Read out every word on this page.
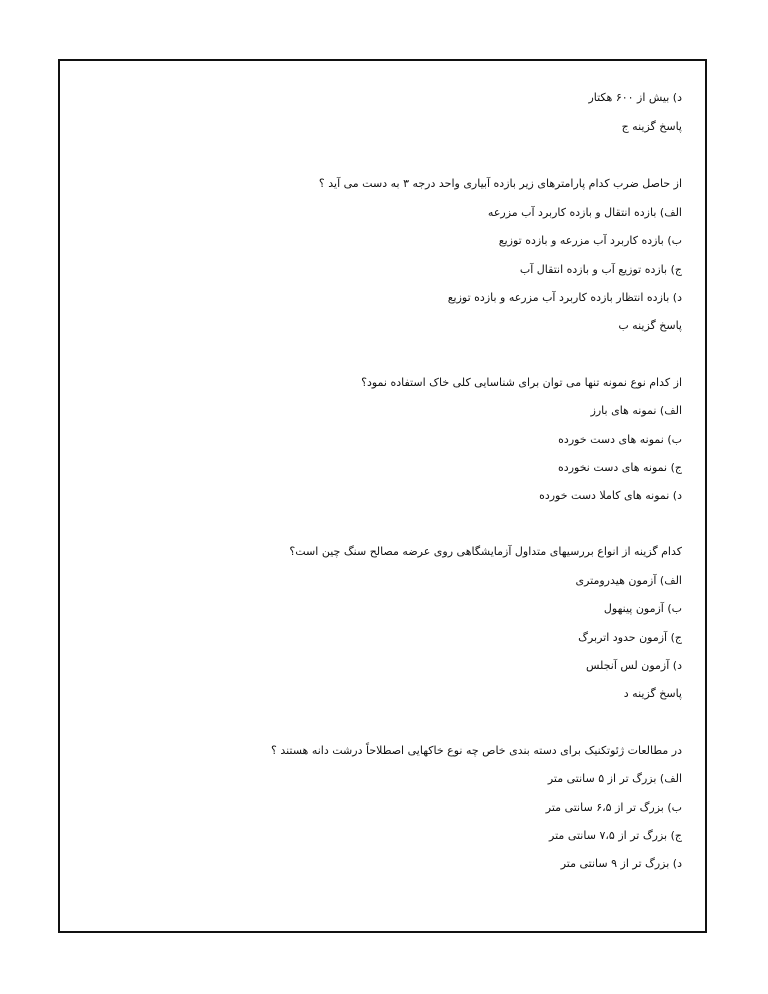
د) بیش از ۶۰۰ هکتار
پاسخ گزینه ج
از حاصل ضرب کدام پارامترهای زیر بازده آبیاری واحد درجه ۳ به دست می آید ؟
الف) بازده انتقال و بازده کاربرد آب مزرعه
ب) بازده کاربرد آب مزرعه و بازده توزیع
ج) بازده توزیع آب و بازده انتقال آب
د) بازده انتظار بازده کاربرد آب مزرعه و بازده توزیع
پاسخ گزینه ب
از کدام نوع نمونه تنها می توان برای شناسایی کلی خاک استفاده نمود؟
الف) نمونه های بارز
ب) نمونه های دست خورده
ج) نمونه های دست نخورده
د) نمونه های کاملا دست خورده
کدام گزینه از انواع بررسیهای متداول آزمایشگاهی روی عرضه مصالح سنگ چین است؟
الف) آزمون هیدرومتری
ب) آزمون پینهول
ج) آزمون حدود اتربرگ
د) آزمون لس آنجلس
پاسخ گزینه د
در مطالعات ژئوتکنیک برای دسته بندی خاص چه نوع خاکهایی اصطلاحاً درشت دانه هستند ؟
الف) بزرگ تر از ۵ سانتی متر
ب) بزرگ تر از ۶،۵ سانتی متر
ج) بزرگ تر از ۷،۵ سانتی متر
د) بزرگ تر از ۹ سانتی متر
